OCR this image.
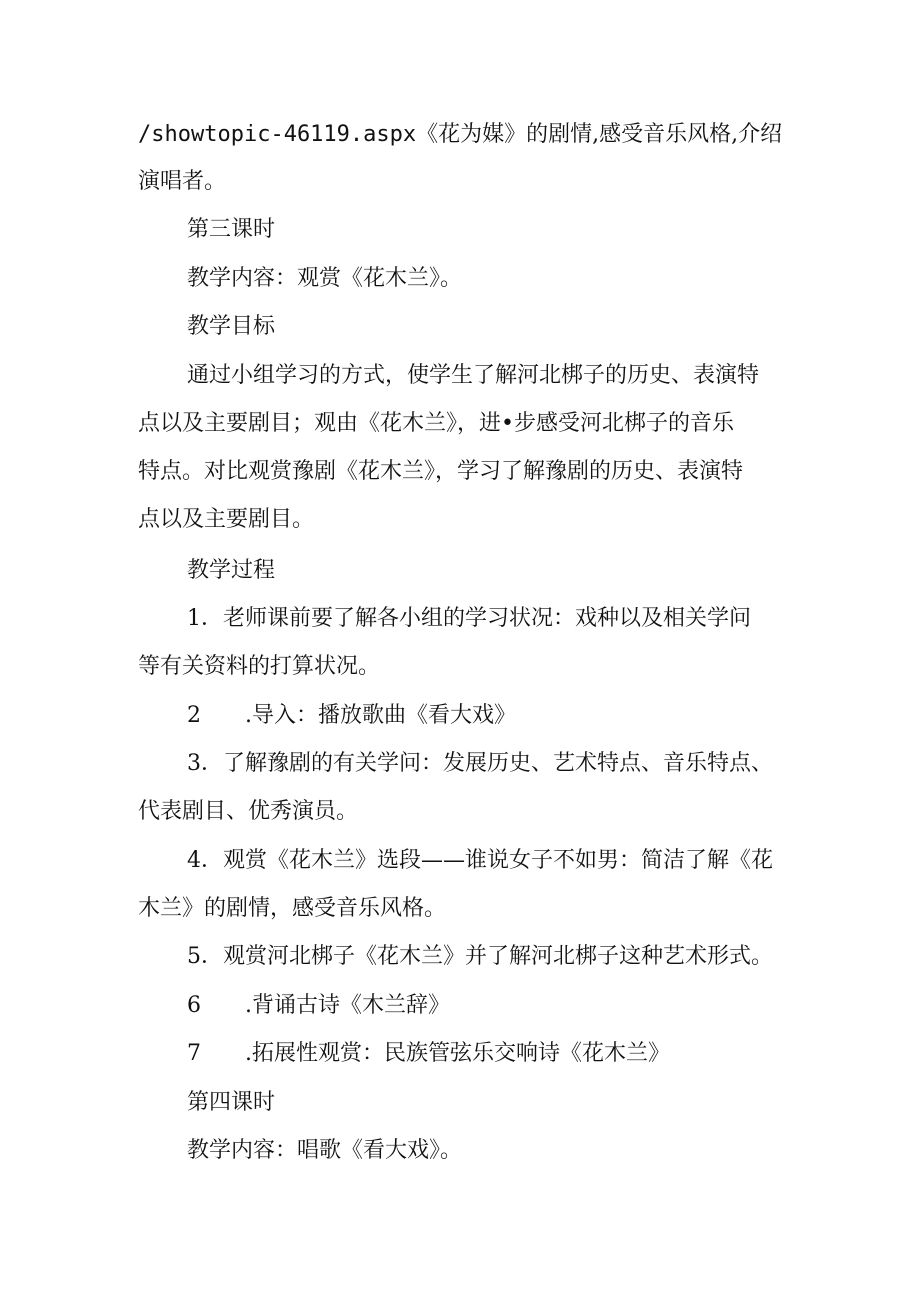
/showtopic-46119.aspx《花为媒》的剧情,感受音乐风格,介绍
演唱者。
第三课时
教学内容：观赏《花木兰》。
教学目标
通过小组学习的方式，使学生了解河北梆子的历史、表演特
点以及主要剧目；观由《花木兰》，进•步感受河北梆子的音乐
特点。对比观赏豫剧《花木兰》，学习了解豫剧的历史、表演特
点以及主要剧目。
教学过程
1．老师课前要了解各小组的学习状况：戏种以及相关学问
等有关资料的打算状况。
2 .导入：播放歌曲《看大戏》
3．了解豫剧的有关学问：发展历史、艺术特点、音乐特点、
代表剧目、优秀演员。
4．观赏《花木兰》选段——谁说女子不如男：简洁了解《花
木兰》的剧情，感受音乐风格。
5．观赏河北梆子《花木兰》并了解河北梆子这种艺术形式。
6 .背诵古诗《木兰辞》
7 .拓展性观赏：民族管弦乐交响诗《花木兰》
第四课时
教学内容：唱歌《看大戏》。
